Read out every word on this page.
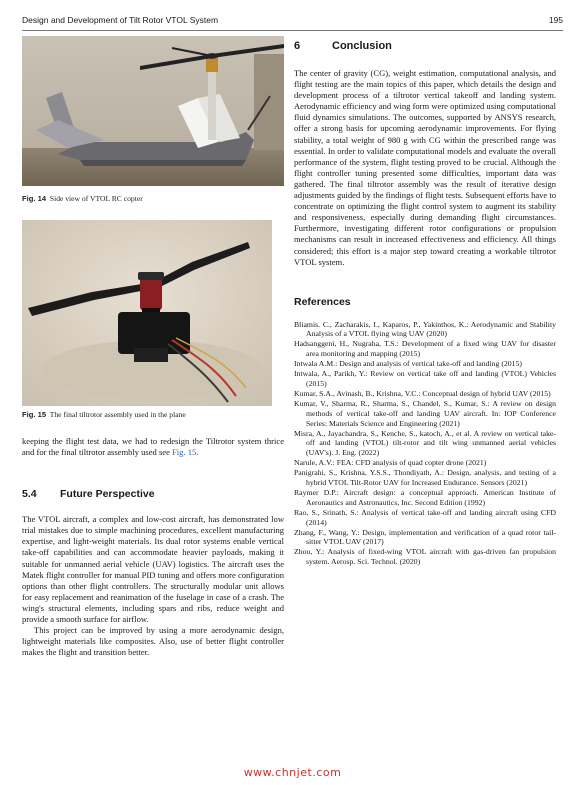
Design and Development of Tilt Rotor VTOL System	195
Fig. 14 Side view of VTOL RC copter
Fig. 15 The final tiltrotor assembly used in the plane

keeping the flight test data, we had to redesign the Tiltrotor system thrice and for the final tiltrotor assembly used see Fig. 15.

5.4 Future Perspective

The VTOL aircraft, a complex and low-cost aircraft, has demonstrated low trial mistakes due to simple machining procedures, excellent manufacturing expertise, and light-weight materials. Its dual rotor systems enable vertical take-off capabilities and can accommodate heavier payloads, making it suitable for unmanned aerial vehicle (UAV) logistics. The aircraft uses the Matek flight controller for manual PID tuning and offers more configuration options than other flight controllers. The structurally modular unit allows for easy replacement and reanimation of the fuselage in case of a crash. The wing's structural elements, including spars and ribs, reduce weight and provide a smooth surface for airflow.

This project can be improved by using a more aerodynamic design, lightweight materials like composites. Also, use of better flight controller makes the flight and transition better.

6	Conclusion

The center of gravity (CG), weight estimation, computational analysis, and flight testing are the main topics of this paper, which details the design and development process of a tiltrotor vertical takeoff and landing system. Aerodynamic efficiency and wing form were optimized using computational fluid dynamics simulations. The outcomes, supported by ANSYS research, offer a strong basis for upcoming aerodynamic improvements. For flying stability, a total weight of 980 g with CG within the prescribed range was essential. In order to validate computational models and evaluate the overall performance of the system, flight testing proved to be crucial. Although the flight controller tuning presented some difficulties, important data was gathered. The final tiltrotor assembly was the result of iterative design adjustments guided by the findings of flight tests. Subsequent efforts have to concentrate on optimizing the flight control system to augment its stability and responsiveness, especially during demanding flight circumstances. Furthermore, investigating different rotor configurations or propulsion mechanisms can result in increased effectiveness and efficiency. All things considered; this effort is a major step toward creating a workable tiltrotor VTOL system.

References

Bliamis. C., Zacharakis, I., Kaparos, P., Yakinthos, K.: Aerodynamic and Stability Analysis of a VTOL flying wing UAV (2020)

Hadsanggeni, H., Nugraha, T.S.: Development of a fixed wing UAV for disaster area monitoring and mapping (2015)

Intwala A.M.: Design and analysis of vertical take-off and landing (2015)

Intwala, A., Parikh, Y.: Review on vertical take off and landing (VTOL) Vehicles (2015)

Kumar, S.A., Avinash, B., Krishna, V.C.: Conceptual design of hybrid UAV (2015)

Kumar, V., Sharma, R., Sharma, S., Chandel, S., Kumar, S.: A review on design methods of vertical take-off and landing UAV aircraft. In: IOP Conference Series: Materials Science and Engineering (2021)

Misra, A., Jayachandra, S., Kenche, S., katoch, A., et al. A review on vertical take-off and landing (VTOL) tilt-rotor and tilt wing unmanned aerial vehicles (UAV's). J. Eng. (2022)

Narule, A.V.: FEA: CFD analysis of quad copter drone (2021)

Panigrahi, S., Krishna, Y.S.S., Thondiyath, A.: Design, analysis, and testing of a hybrid VTOL Tilt-Rotor UAV for Increased Endurance. Sensors (2021)

Raymer D.P.: Aircraft design: a conceptual approach. American Institute of Aeronautics and Astronautics, Inc. Second Edition (1992)

Rao, S., Srinath, S.: Analysis of vertical take-off and landing aircraft using CFD (2014)

Zhang, F., Wang, Y.: Design, implementation and verification of a quad rotor tail-sitter VTOL UAV (2017)

Zhou, Y.: Analysis of fixed-wing VTOL aircraft with gas-driven fan propulsion system. Aerosp. Sci. Technol. (2020)

www.chnjet.com
